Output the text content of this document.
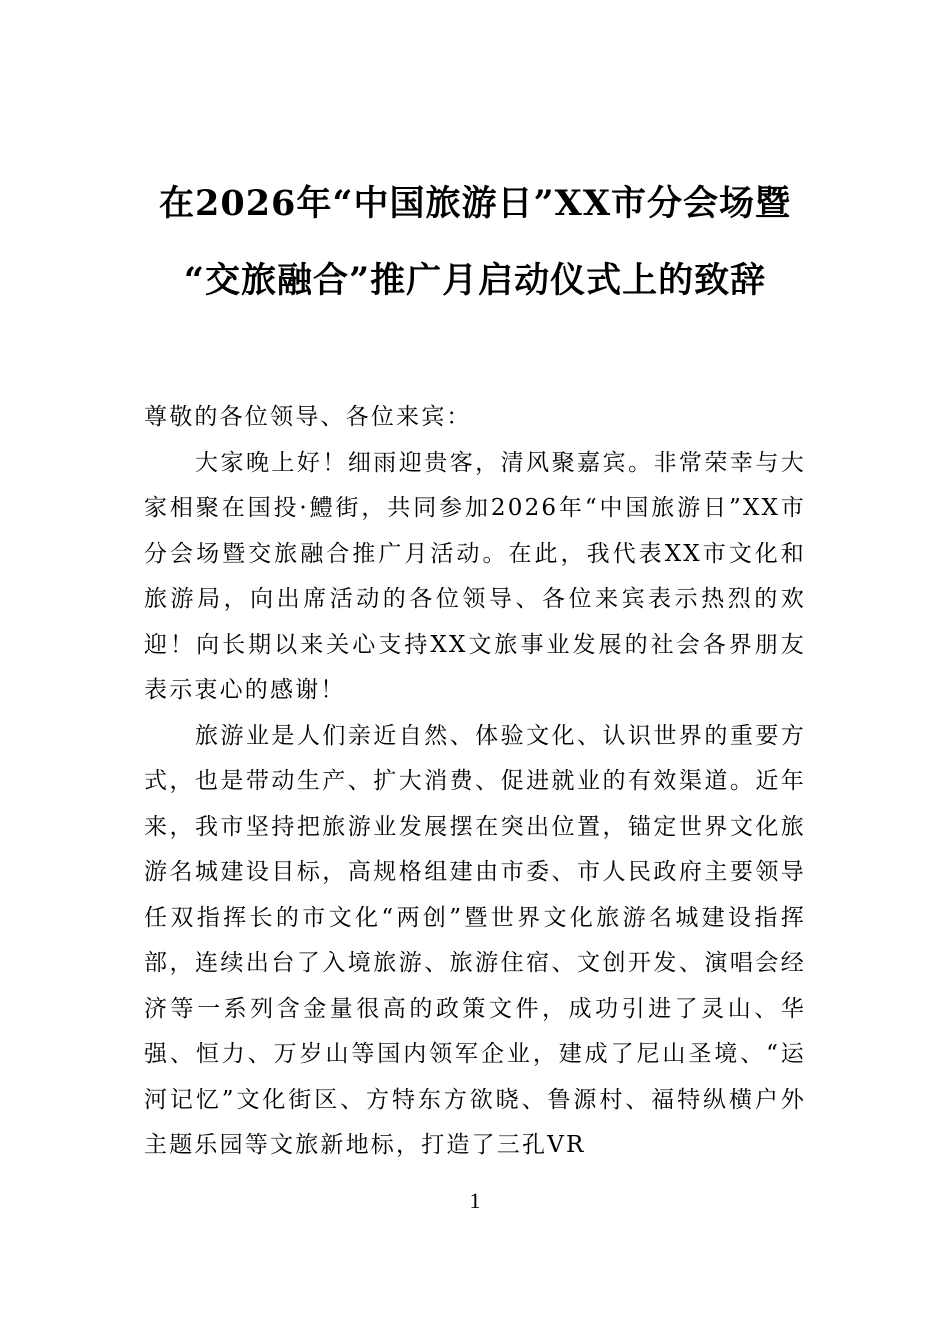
在2026年“中国旅游日”XX市分会场暨
“交旅融合”推广月启动仪式上的致辞

尊敬的各位领导、各位来宾：

大家晚上好！细雨迎贵客，清风聚嘉宾。非常荣幸与大家相聚在国投·鱧街，共同参加2026年“中国旅游日”XX市分会场暨交旅融合推广月活动。在此，我代表XX市文化和旅游局，向出席活动的各位领导、各位来宾表示热烈的欢迎！向长期以来关心支持XX文旅事业发展的社会各界朋友表示衷心的感谢！

旅游业是人们亲近自然、体验文化、认识世界的重要方式，也是带动生产、扩大消费、促进就业的有效渠道。近年来，我市坚持把旅游业发展摆在突出位置，锚定世界文化旅游名城建设目标，高规格组建由市委、市人民政府主要领导任双指挥长的市文化“两创”暨世界文化旅游名城建设指挥部，连续出台了入境旅游、旅游住宿、文创开发、演唱会经济等一系列含金量很高的政策文件，成功引进了灵山、华强、恒力、万岁山等国内领军企业，建成了尼山圣境、“运河记忆”文化街区、方特东方欲晓、鲁源村、福特纵横户外主题乐园等文旅新地标，打造了三孔VR

1
